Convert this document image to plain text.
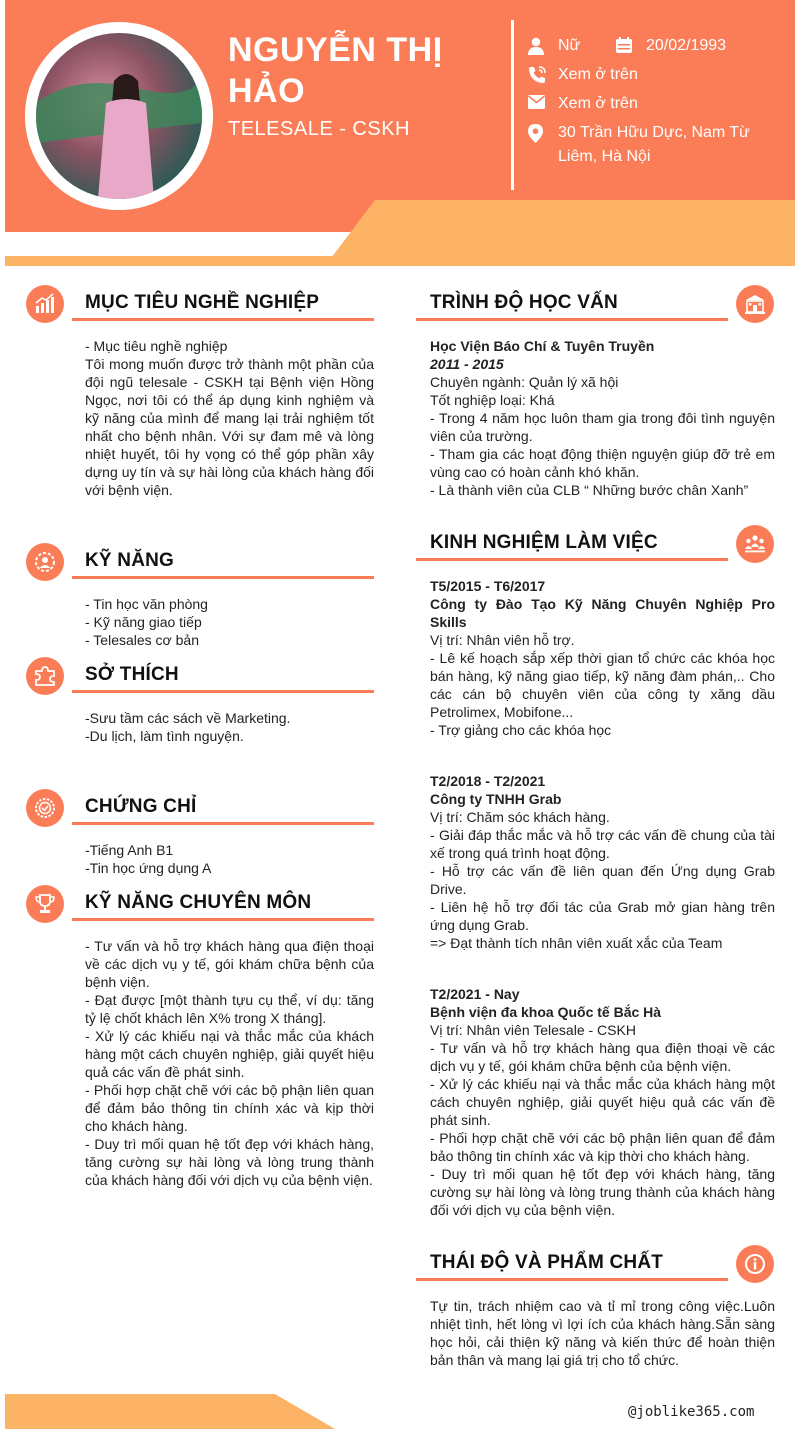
NGUYỄN THỊ HẢO
TELESALE - CSKH
Nữ	20/02/1993
Xem ở trên
Xem ở trên
30 Trần Hữu Dực, Nam Từ Liêm, Hà Nội
MỤC TIÊU NGHỀ NGHIỆP
- Mục tiêu nghề nghiệp
Tôi mong muốn được trở thành một phần của đội ngũ telesale - CSKH tại Bệnh viện Hồng Ngọc, nơi tôi có thể áp dụng kinh nghiệm và kỹ năng của mình để mang lại trải nghiệm tốt nhất cho bệnh nhân. Với sự đam mê và lòng nhiệt huyết, tôi hy vọng có thể góp phần xây dựng uy tín và sự hài lòng của khách hàng đối với bệnh viện.
KỸ NĂNG
- Tin học văn phòng
- Kỹ năng giao tiếp
- Telesales cơ bản
SỞ THÍCH
-Sưu tầm các sách về Marketing.
-Du lịch, làm tình nguyện.
CHỨNG CHỈ
-Tiếng Anh B1
-Tin học ứng dụng A
KỸ NĂNG CHUYÊN MÔN
- Tư vấn và hỗ trợ khách hàng qua điện thoại về các dịch vụ y tế, gói khám chữa bệnh của bệnh viện.
- Đạt được [một thành tựu cụ thể, ví dụ: tăng tỷ lệ chốt khách lên X% trong X tháng].
- Xử lý các khiếu nại và thắc mắc của khách hàng một cách chuyên nghiệp, giải quyết hiệu quả các vấn đề phát sinh.
- Phối hợp chặt chẽ với các bộ phận liên quan để đảm bảo thông tin chính xác và kịp thời cho khách hàng.
- Duy trì mối quan hệ tốt đẹp với khách hàng, tăng cường sự hài lòng và lòng trung thành của khách hàng đối với dịch vụ của bệnh viện.
TRÌNH ĐỘ HỌC VẤN
Học Viện Báo Chí & Tuyên Truyền
2011 - 2015
Chuyên ngành: Quản lý xã hội
Tốt nghiệp loại: Khá
- Trong 4 năm học luôn tham gia trong đôi tình nguyện viên của trường.
- Tham gia các hoạt động thiện nguyện giúp đỡ trẻ em vùng cao có hoàn cảnh khó khăn.
- Là thành viên của CLB “ Những bước chân Xanh”
KINH NGHIỆM LÀM VIỆC
T5/2015 - T6/2017
Công ty Đào Tạo Kỹ Năng Chuyên Nghiệp Pro Skills
Vị trí: Nhân viên hỗ trợ.
- Lê kế hoạch sắp xếp thời gian tổ chức các khóa học bán hàng, kỹ năng giao tiếp, kỹ năng đàm phán,.. Cho các cán bộ chuyên viên của công ty xăng dầu Petrolimex, Mobifone...
- Trợ giảng cho các khóa học
T2/2018 - T2/2021
Công ty TNHH Grab
Vị trí: Chăm sóc khách hàng.
- Giải đáp thắc mắc và hỗ trợ các vấn đề chung của tài xế trong quá trình hoạt động.
- Hỗ trợ các vấn đề liên quan đến Ứng dụng Grab Drive.
- Liên hệ hỗ trợ đối tác của Grab mở gian hàng trên ứng dụng Grab.
=> Đạt thành tích nhân viên xuất xắc của Team
T2/2021 - Nay
Bệnh viện đa khoa Quốc tế Bắc Hà
Vị trí: Nhân viên Telesale - CSKH
- Tư vấn và hỗ trợ khách hàng qua điện thoại về các dịch vụ y tế, gói khám chữa bệnh của bệnh viện.
- Xử lý các khiếu nại và thắc mắc của khách hàng một cách chuyên nghiệp, giải quyết hiệu quả các vấn đề phát sinh.
- Phối hợp chặt chẽ với các bộ phận liên quan để đảm bảo thông tin chính xác và kịp thời cho khách hàng.
- Duy trì mối quan hệ tốt đẹp với khách hàng, tăng cường sự hài lòng và lòng trung thành của khách hàng đối với dịch vụ của bệnh viện.
THÁI ĐỘ VÀ PHẨM CHẤT
Tự tin, trách nhiệm cao và tỉ mỉ trong công việc.Luôn nhiệt tình, hết lòng vì lợi ích của khách hàng.Sẵn sàng học hỏi, cải thiện kỹ năng và kiến thức để hoàn thiện bản thân và mang lại giá trị cho tổ chức.
@joblike365.com
